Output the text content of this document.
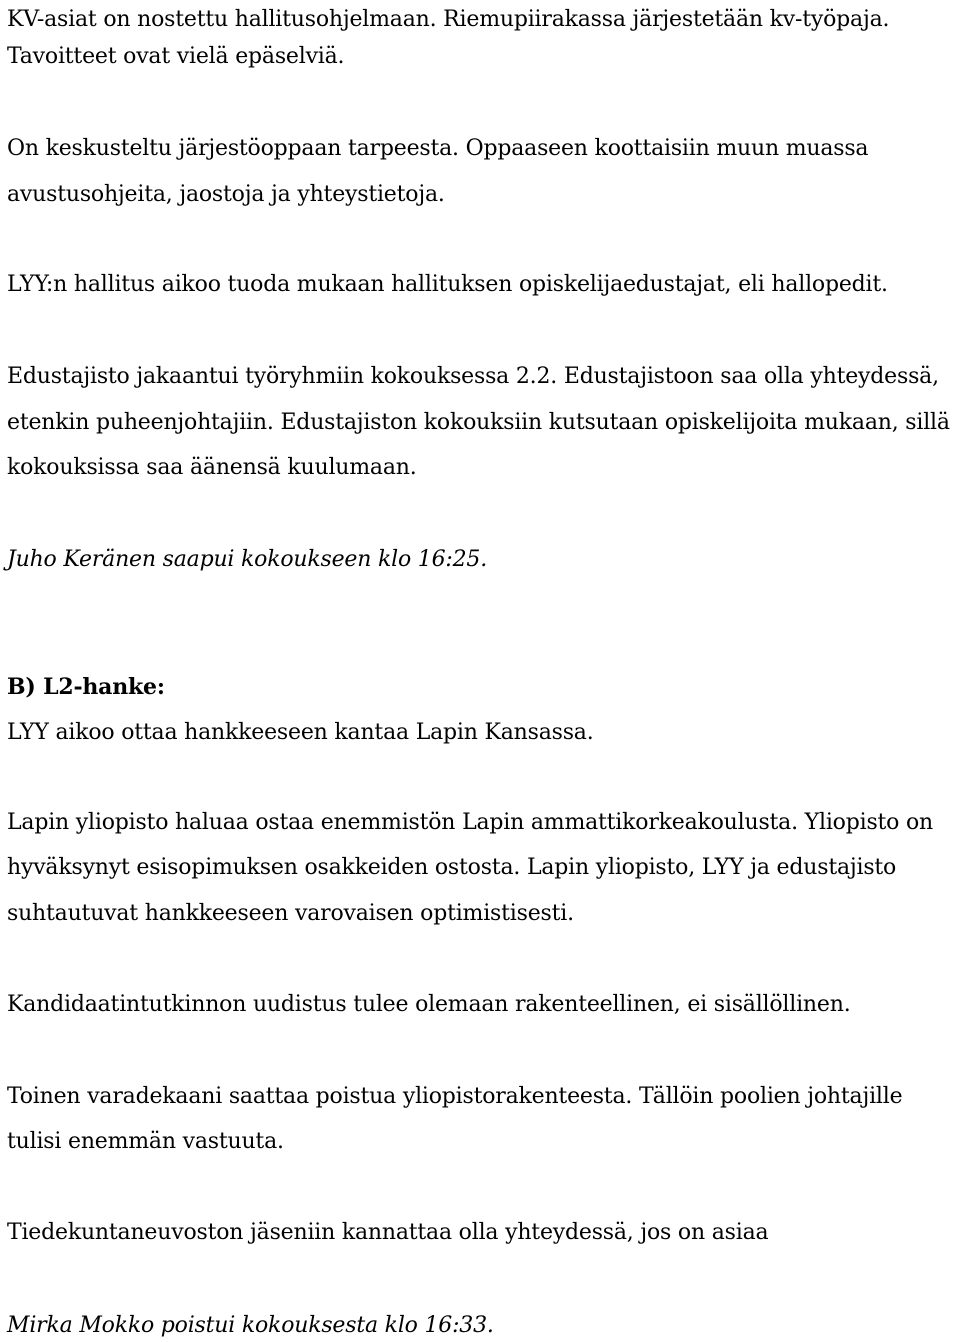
KV-asiat on nostettu hallitusohjelmaan. Riemupiirakassa järjestetään kv-työpaja.
Tavoitteet ovat vielä epäselviä.
On keskusteltu järjestöoppaan tarpeesta. Oppaaseen koottaisiin muun muassa
avustusohjeita, jaostoja ja yhteystietoja.
LYY:n hallitus aikoo tuoda mukaan hallituksen opiskelijaedustajat, eli hallopedit.
Edustajisto jakaantui työryhmiin kokouksessa 2.2. Edustajistoon saa olla yhteydessä,
etenkin puheenjohtajiin. Edustajiston kokouksiin kutsutaan opiskelijoita mukaan, sillä
kokouksissa saa äänensä kuulumaan.
Juho Keränen saapui kokoukseen klo 16:25.
B) L2-hanke:
LYY aikoo ottaa hankkeeseen kantaa Lapin Kansassa.
Lapin yliopisto haluaa ostaa enemmistön Lapin ammattikorkeakoulusta. Yliopisto on
hyväksynyt esisopimuksen osakkeiden ostosta. Lapin yliopisto, LYY ja edustajisto
suhtautuvat hankkeeseen varovaisen optimistisesti.
Kandidaatintutkinnon uudistus tulee olemaan rakenteellinen, ei sisällöllinen.
Toinen varadekaani saattaa poistua yliopistorakenteesta. Tällöin poolien johtajille
tulisi enemmän vastuuta.
Tiedekuntaneuvoston jäseniin kannattaa olla yhteydessä, jos on asiaa
Mirka Mokko poistui kokouksesta klo 16:33.
